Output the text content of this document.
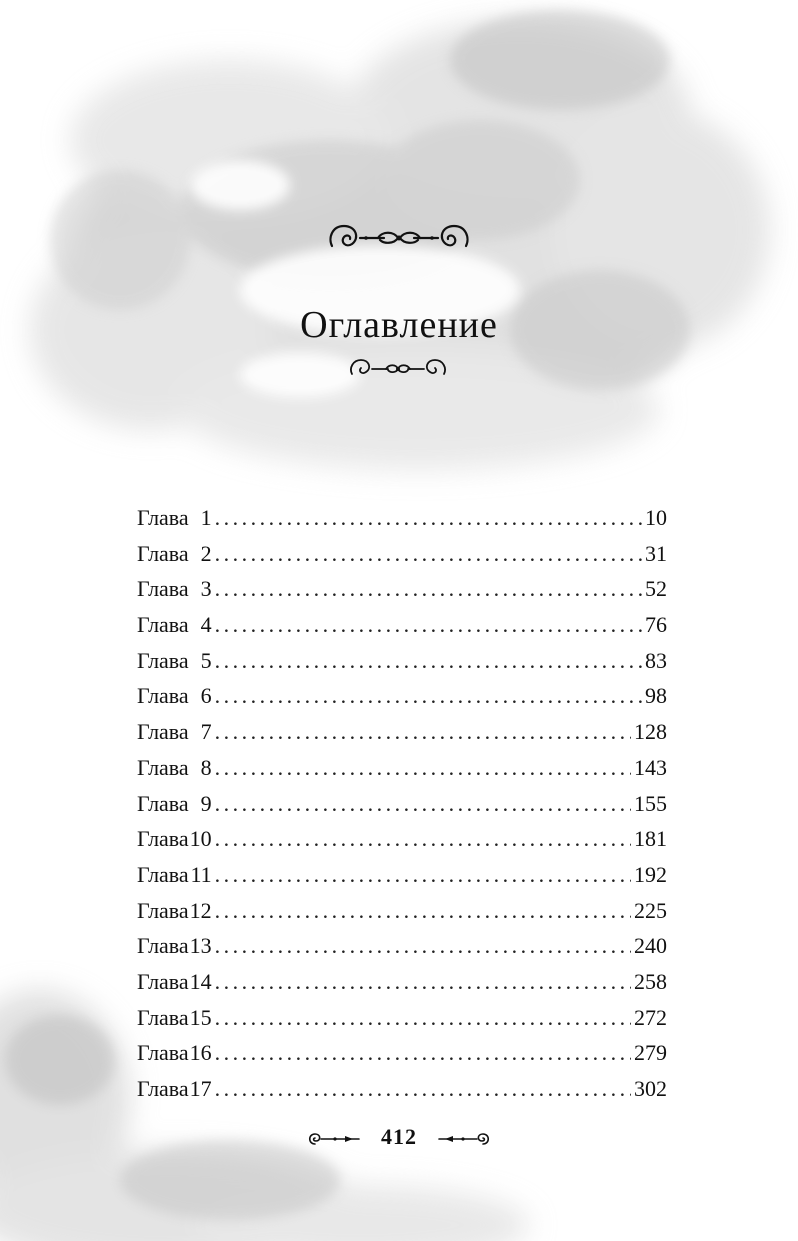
Оглавление
Глава 1 . . .	10
Глава 2 . . .	31
Глава 3 . . .	52
Глава 4 . . .	76
Глава 5 . . .	83
Глава 6 . . .	98
Глава 7 . . .	128
Глава 8 . . .	143
Глава 9 . . .	155
Глава10 . . .	181
Глава11 . . .	192
Глава12 . . .	225
Глава13 . . .	240
Глава14 . . .	258
Глава15 . . .	272
Глава16 . . .	279
Глава17 . . .	302
412
